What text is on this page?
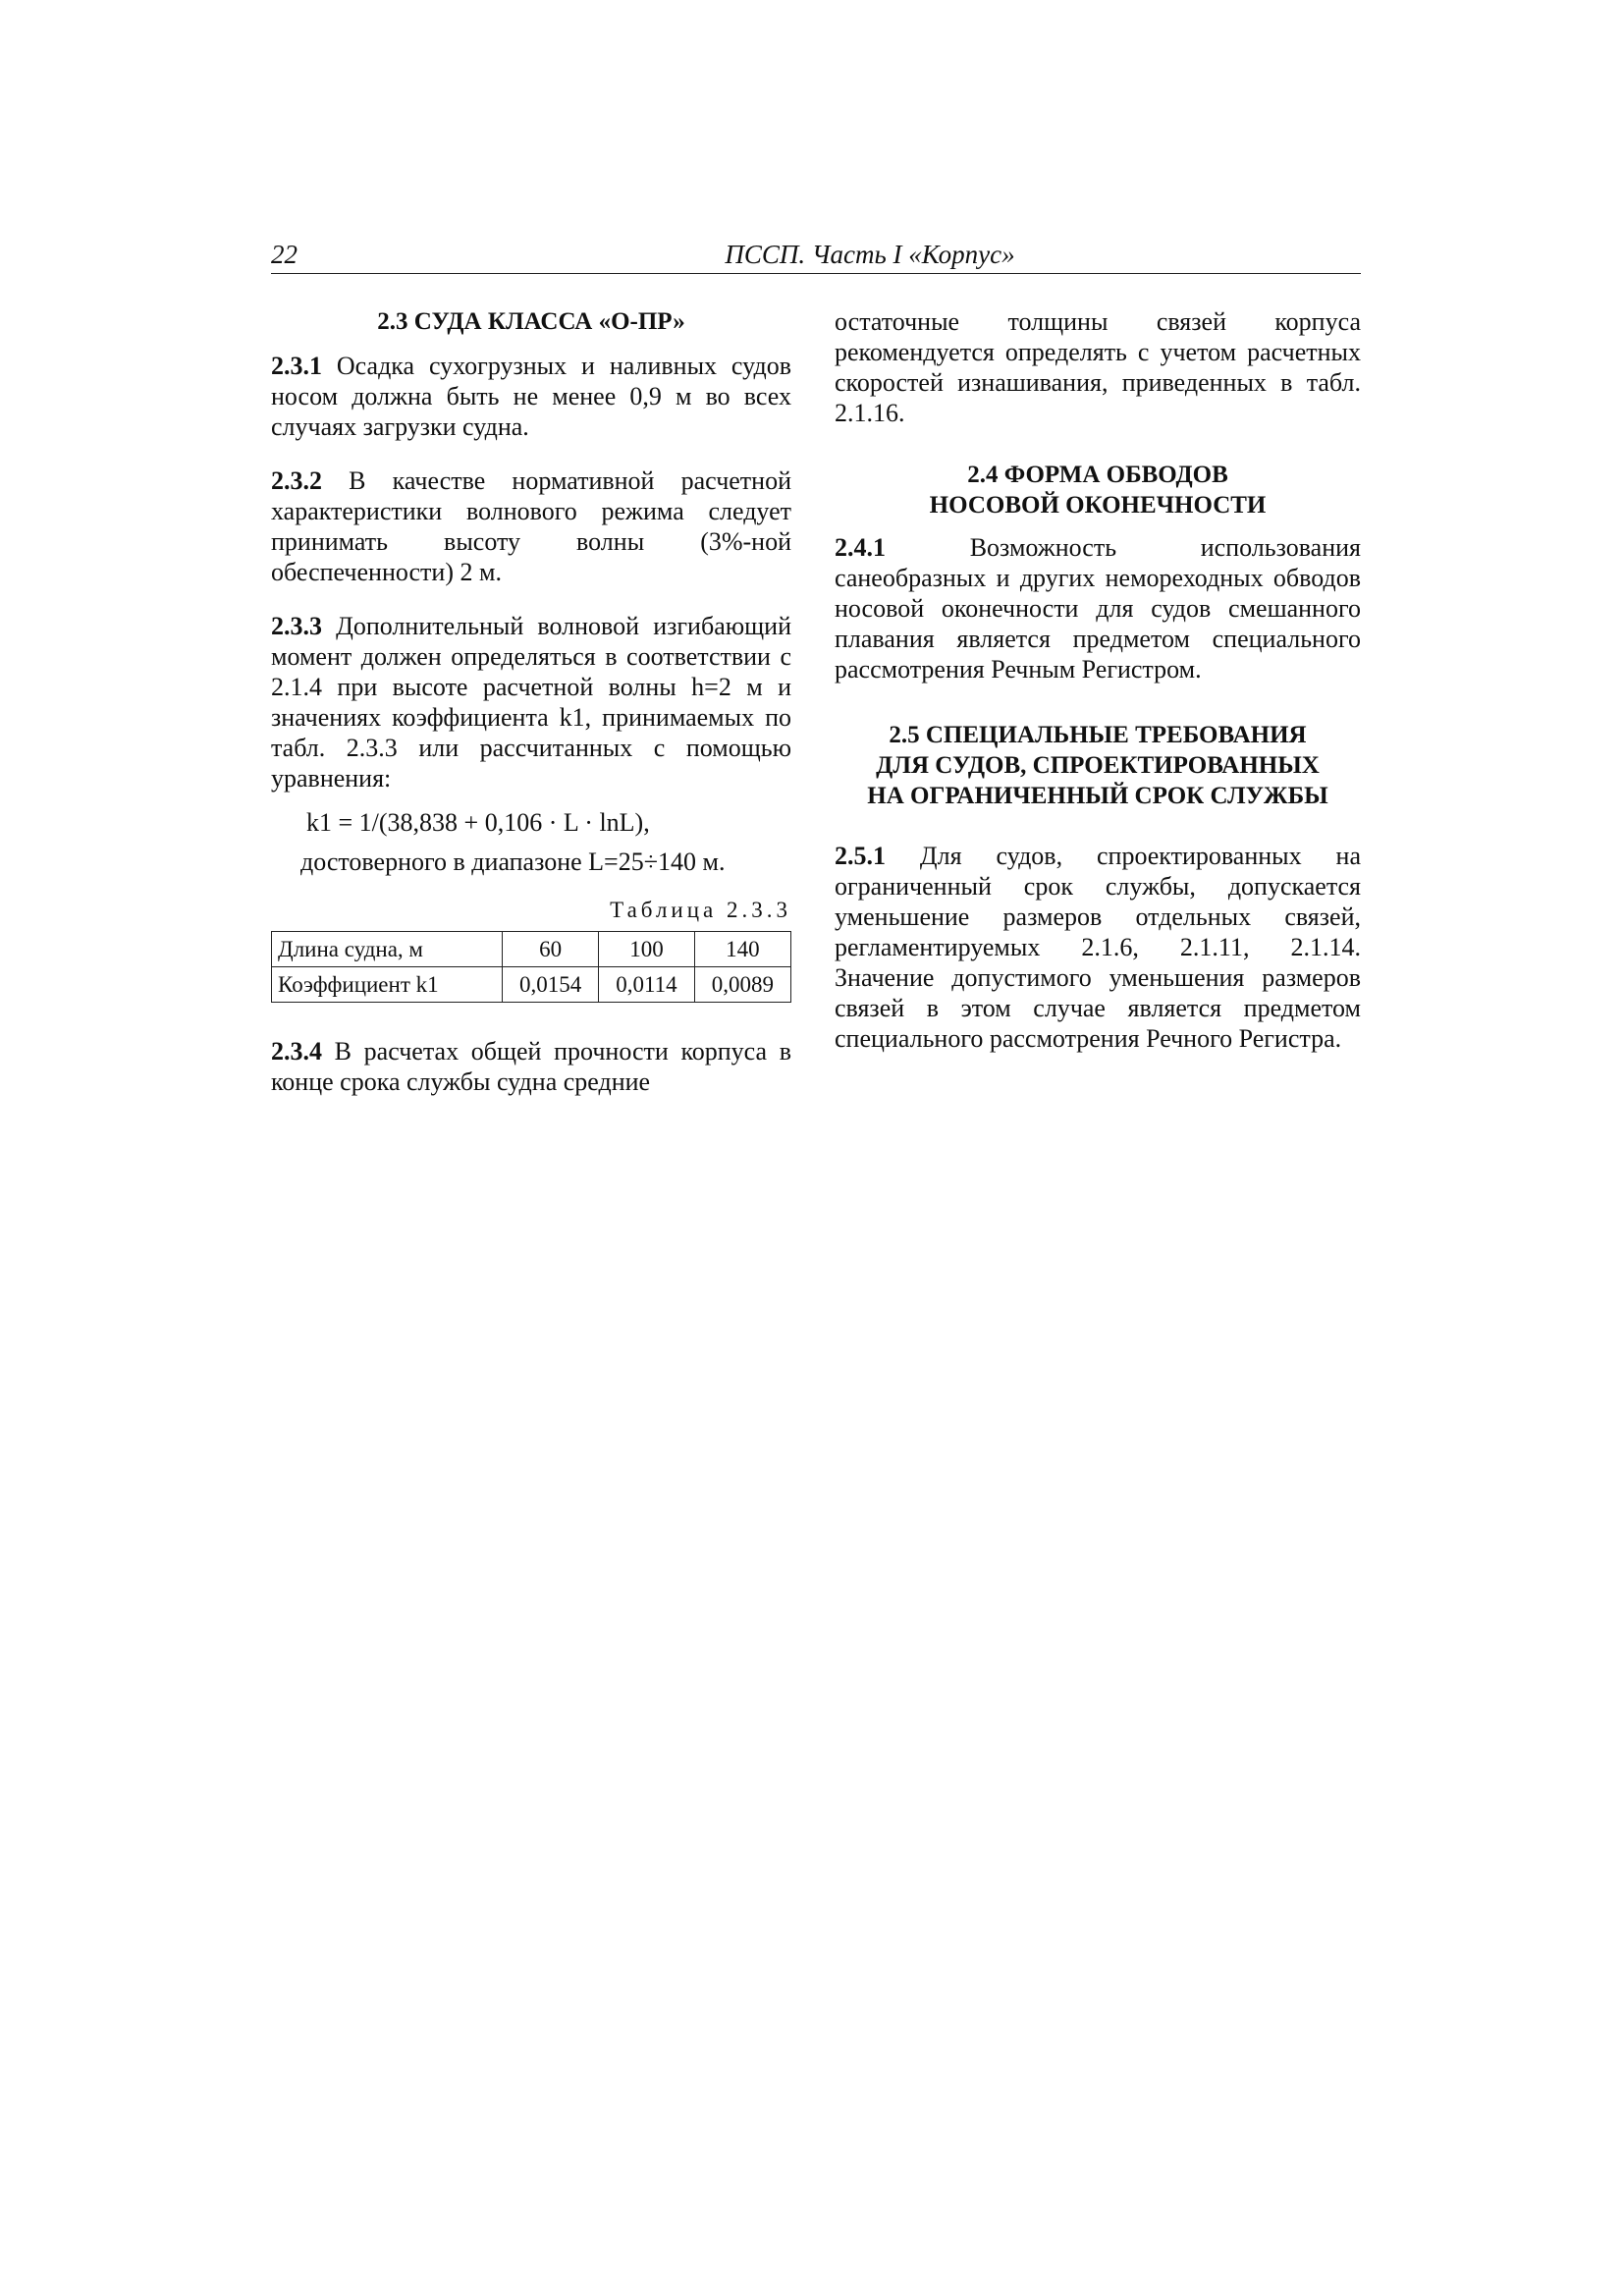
22	ПССП. Часть I «Корпус»
2.3 СУДА КЛАССА «О-ПР»

2.3.1 Осадка сухогрузных и наливных судов носом должна быть не менее 0,9 м во всех случаях загрузки судна.

2.3.2 В качестве нормативной расчетной характеристики волнового режима следует принимать высоту волны (3%-ной обеспеченности) 2 м.

2.3.3 Дополнительный волновой изгибающий момент должен определяться в соответствии с 2.1.4 при высоте расчетной волны h=2 м и значениях коэффициента k1, принимаемых по табл. 2.3.3 или рассчитанных с помощью уравнения:

k1 = 1/(38,838 + 0,106 · L · lnL),

достоверного в диапазоне L=25÷140 м.

Таблица 2.3.3
Длина судна, м	60	100	140
Коэффициент k1	0,0154	0,0114	0,0089

2.3.4 В расчетах общей прочности корпуса в конце срока службы судна средние

остаточные толщины связей корпуса рекомендуется определять с учетом расчетных скоростей изнашивания, приведенных в табл. 2.1.16.

2.4 ФОРМА ОБВОДОВ
НОСОВОЙ ОКОНЕЧНОСТИ

2.4.1	Возможность использования санеобразных и других немореходных обводов носовой оконечности для судов смешанного плавания является предметом специального рассмотрения Речным Регистром.

2.5 СПЕЦИАЛЬНЫЕ ТРЕБОВАНИЯ
ДЛЯ СУДОВ, СПРОЕКТИРОВАННЫХ
НА ОГРАНИЧЕННЫЙ СРОК СЛУЖБЫ

2.5.1 Для судов, спроектированных на ограниченный срок службы, допускается уменьшение размеров отдельных связей, регламентируемых 2.1.6, 2.1.11, 2.1.14. Значение допустимого уменьшения размеров связей в этом случае является предметом специального рассмотрения Речного Регистра.
